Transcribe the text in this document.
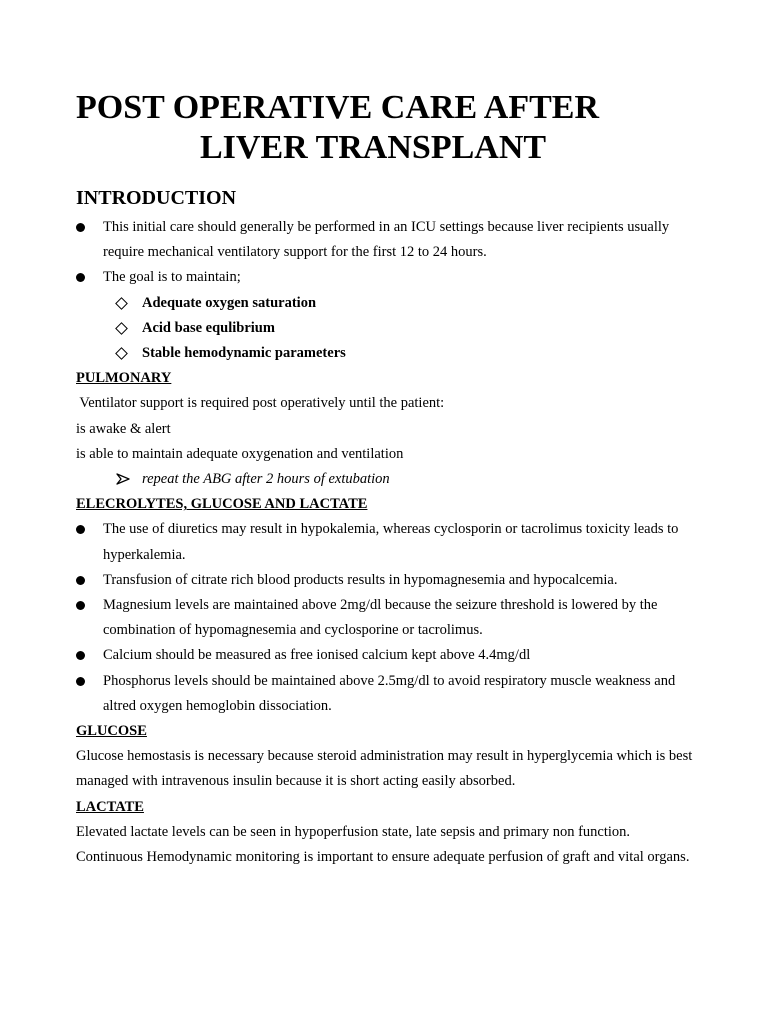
POST OPERATIVE CARE AFTER
LIVER TRANSPLANT
INTRODUCTION
This initial care should generally be performed in an ICU settings because liver recipients usually require mechanical ventilatory support for the first 12 to 24 hours.
The goal is to maintain;
Adequate oxygen saturation
Acid base equlibrium
Stable hemodynamic parameters
PULMONARY
Ventilator support is required post operatively until the patient:
is awake & alert
is able to maintain adequate oxygenation and ventilation
repeat the ABG after 2 hours of extubation
ELECROLYTES, GLUCOSE AND LACTATE
The use of diuretics may result in hypokalemia, whereas cyclosporin or tacrolimus toxicity leads to hyperkalemia.
Transfusion of citrate rich blood products results in hypomagnesemia and hypocalcemia.
Magnesium levels are maintained above 2mg/dl because the seizure threshold is lowered by the combination of hypomagnesemia and cyclosporine or tacrolimus.
Calcium should be measured as free ionised calcium kept above 4.4mg/dl
Phosphorus levels should be maintained above 2.5mg/dl to avoid respiratory muscle weakness and altred oxygen hemoglobin dissociation.
GLUCOSE
Glucose hemostasis is necessary because steroid administration may result in hyperglycemia which is best managed with intravenous insulin because it is short acting easily absorbed.
LACTATE
Elevated lactate levels can be seen in hypoperfusion state, late sepsis and primary non function.
Continuous Hemodynamic monitoring is important to ensure adequate perfusion of graft and vital organs.
